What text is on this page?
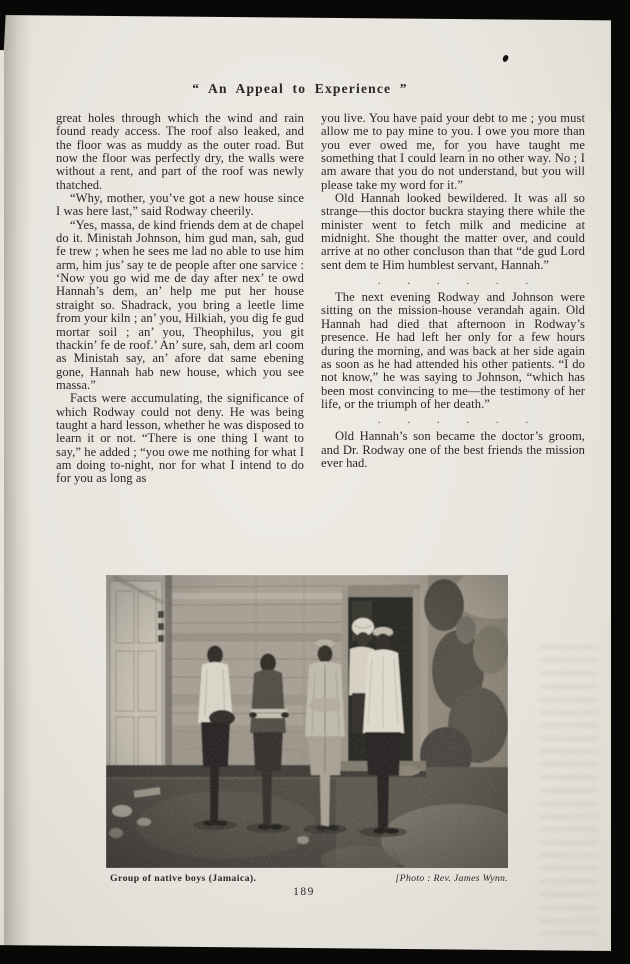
“ An Appeal to Experience ”

great holes through which the wind and rain found ready access. The roof also leaked, and the floor was as muddy as the outer road. But now the floor was perfectly dry, the walls were without a rent, and part of the roof was newly thatched.

“Why, mother, you’ve got a new house since I was here last,” said Rodway cheerily.

“Yes, massa, de kind friends dem at de chapel do it. Ministah Johnson, him gud man, sah, gud fe trew ; when he sees me lad no able to use him arm, him jus’ say te de people after one sarvice : ‘Now you go wid me de day after nex’ te owd Hannah’s dem, an’ help me put her house straight so. Shadrack, you bring a leetle lime from your kiln ; an’ you, Hilkiah, you dig fe gud mortar soil ; an’ you, Theophilus, you git thackin’ fe de roof.’ An’ sure, sah, dem arl coom as Ministah say, an’ afore dat same ebening gone, Hannah hab new house, which you see massa.”

Facts were accumulating, the significance of which Rodway could not deny. He was being taught a hard lesson, whether he was disposed to learn it or not. “There is one thing I want to say,” he added ; “you owe me nothing for what I am doing to-night, nor for what I intend to do for you as long as

you live. You have paid your debt to me ; you must allow me to pay mine to you. I owe you more than you ever owed me, for you have taught me something that I could learn in no other way. No ; I am aware that you do not understand, but you will please take my word for it.”

Old Hannah looked bewildered. It was all so strange—this doctor buckra staying there while the minister went to fetch milk and medicine at midnight. She thought the matter over, and could arrive at no other concluson than that “de gud Lord sent dem te Him humblest servant, Hannah.”

. . . . . .

The next evening Rodway and Johnson were sitting on the mission-house verandah again. Old Hannah had died that afternoon in Rodway’s presence. He had left her only for a few hours during the morning, and was back at her side again as soon as he had attended his other patients. “I do not know,” he was saying to Johnson, “which has been most convincing to me—the testimony of her life, or the triumph of her death.”

. . . . . .

Old Hannah’s son became the doctor’s groom, and Dr. Rodway one of the best friends the mission ever had.

Group of native boys (Jamaica).	[Photo : Rev. James Wynn.
189
